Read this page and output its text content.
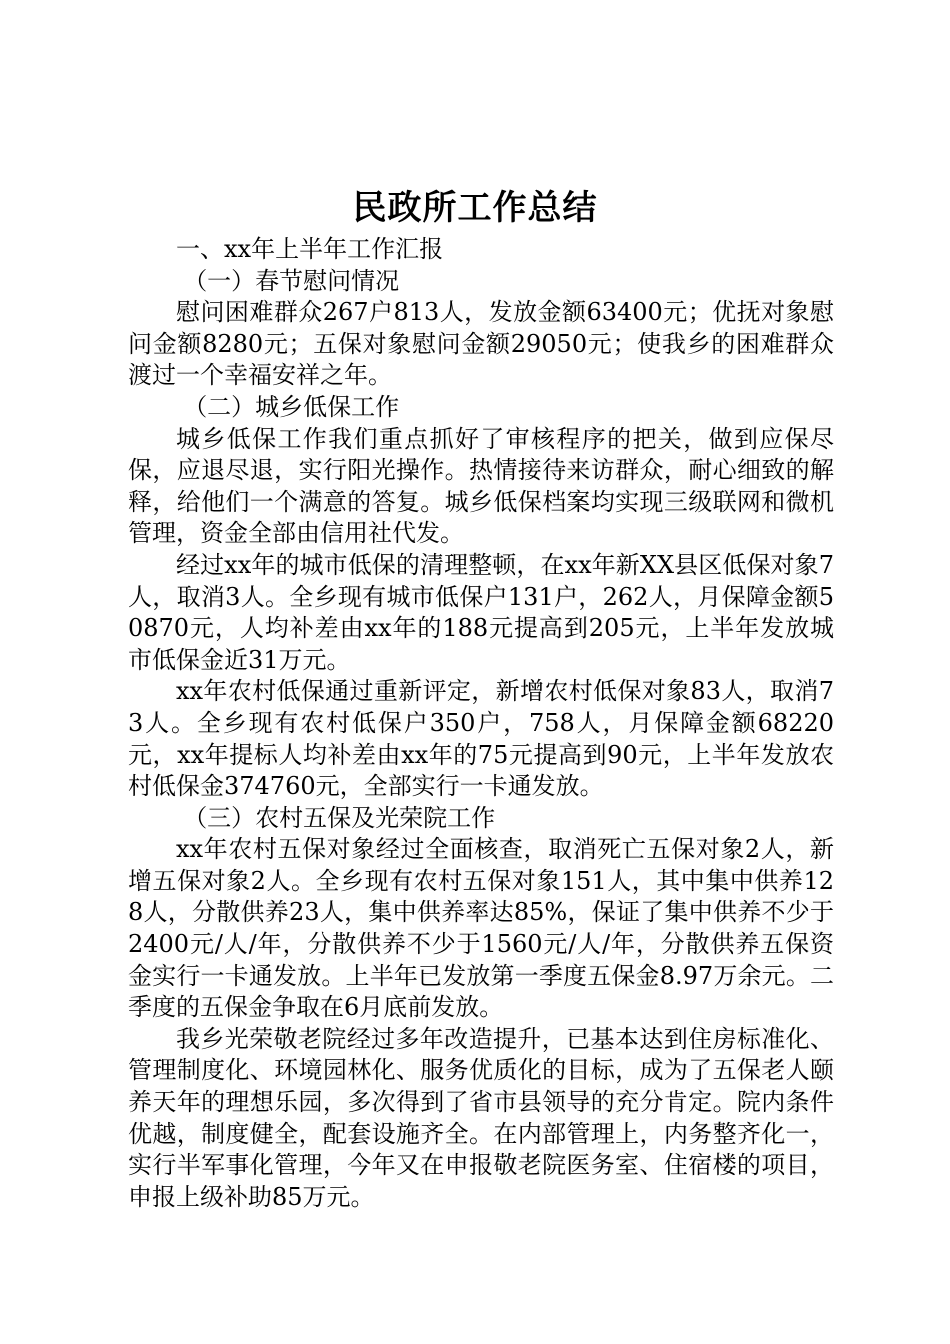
民政所工作总结

一、xx年上半年工作汇报

（一）春节慰问情况

慰问困难群众267户813人，发放金额63400元；优抚对象慰问金额8280元；五保对象慰问金额29050元；使我乡的困难群众渡过一个幸福安祥之年。

（二）城乡低保工作

城乡低保工作我们重点抓好了审核程序的把关，做到应保尽保，应退尽退，实行阳光操作。热情接待来访群众，耐心细致的解释，给他们一个满意的答复。城乡低保档案均实现三级联网和微机管理，资金全部由信用社代发。

经过xx年的城市低保的清理整顿，在xx年新XX县区低保对象7人，取消3人。全乡现有城市低保户131户，262人，月保障金额50870元，人均补差由xx年的188元提高到205元，上半年发放城市低保金近31万元。

xx年农村低保通过重新评定，新增农村低保对象83人，取消73人。全乡现有农村低保户350户，758人，月保障金额68220元，xx年提标人均补差由xx年的75元提高到90元，上半年发放农村低保金374760元，全部实行一卡通发放。

（三）农村五保及光荣院工作

xx年农村五保对象经过全面核查，取消死亡五保对象2人，新增五保对象2人。全乡现有农村五保对象151人，其中集中供养128人，分散供养23人，集中供养率达85%，保证了集中供养不少于2400元/人/年，分散供养不少于1560元/人/年，分散供养五保资金实行一卡通发放。上半年已发放第一季度五保金8.97万余元。二季度的五保金争取在6月底前发放。

我乡光荣敬老院经过多年改造提升，已基本达到住房标准化、管理制度化、环境园林化、服务优质化的目标，成为了五保老人颐养天年的理想乐园，多次得到了省市县领导的充分肯定。院内条件优越，制度健全，配套设施齐全。在内部管理上，内务整齐化一，实行半军事化管理，今年又在申报敬老院医务室、住宿楼的项目，申报上级补助85万元。
